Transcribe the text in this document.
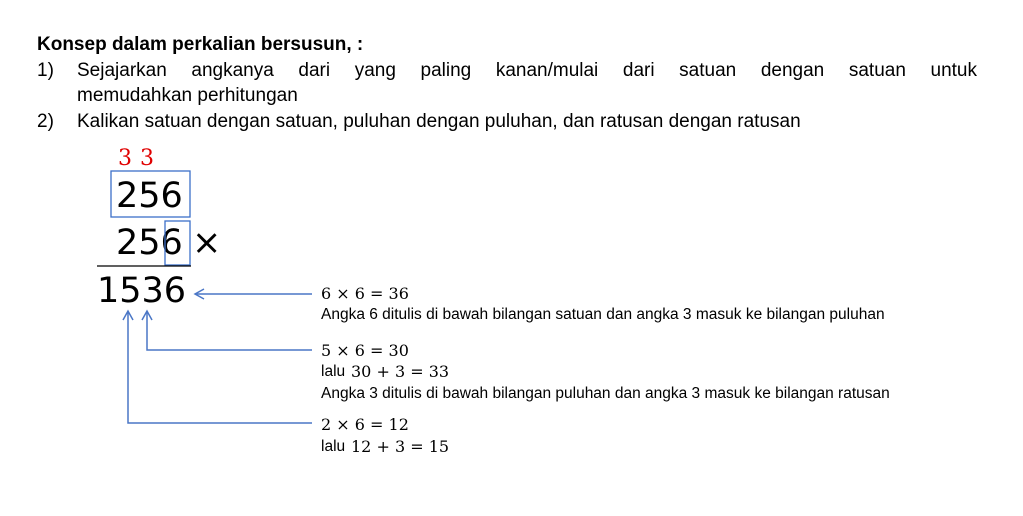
Konsep dalam perkalian bersusun, :
1) Sejajarkan angkanya dari yang paling kanan/mulai dari satuan dengan satuan untuk
memudahkan perhitungan
2) Kalikan satuan dengan satuan, puluhan dengan puluhan, dan ratusan dengan ratusan
3 3
256
256 ×
1536	6 × 6 = 36
Angka 6 ditulis di bawah bilangan satuan dan angka 3 masuk ke bilangan puluhan
5 × 6 = 30
lalu 30 + 3 = 33
Angka 3 ditulis di bawah bilangan puluhan dan angka 3 masuk ke bilangan ratusan
2 × 6 = 12
lalu 12 + 3 = 15
